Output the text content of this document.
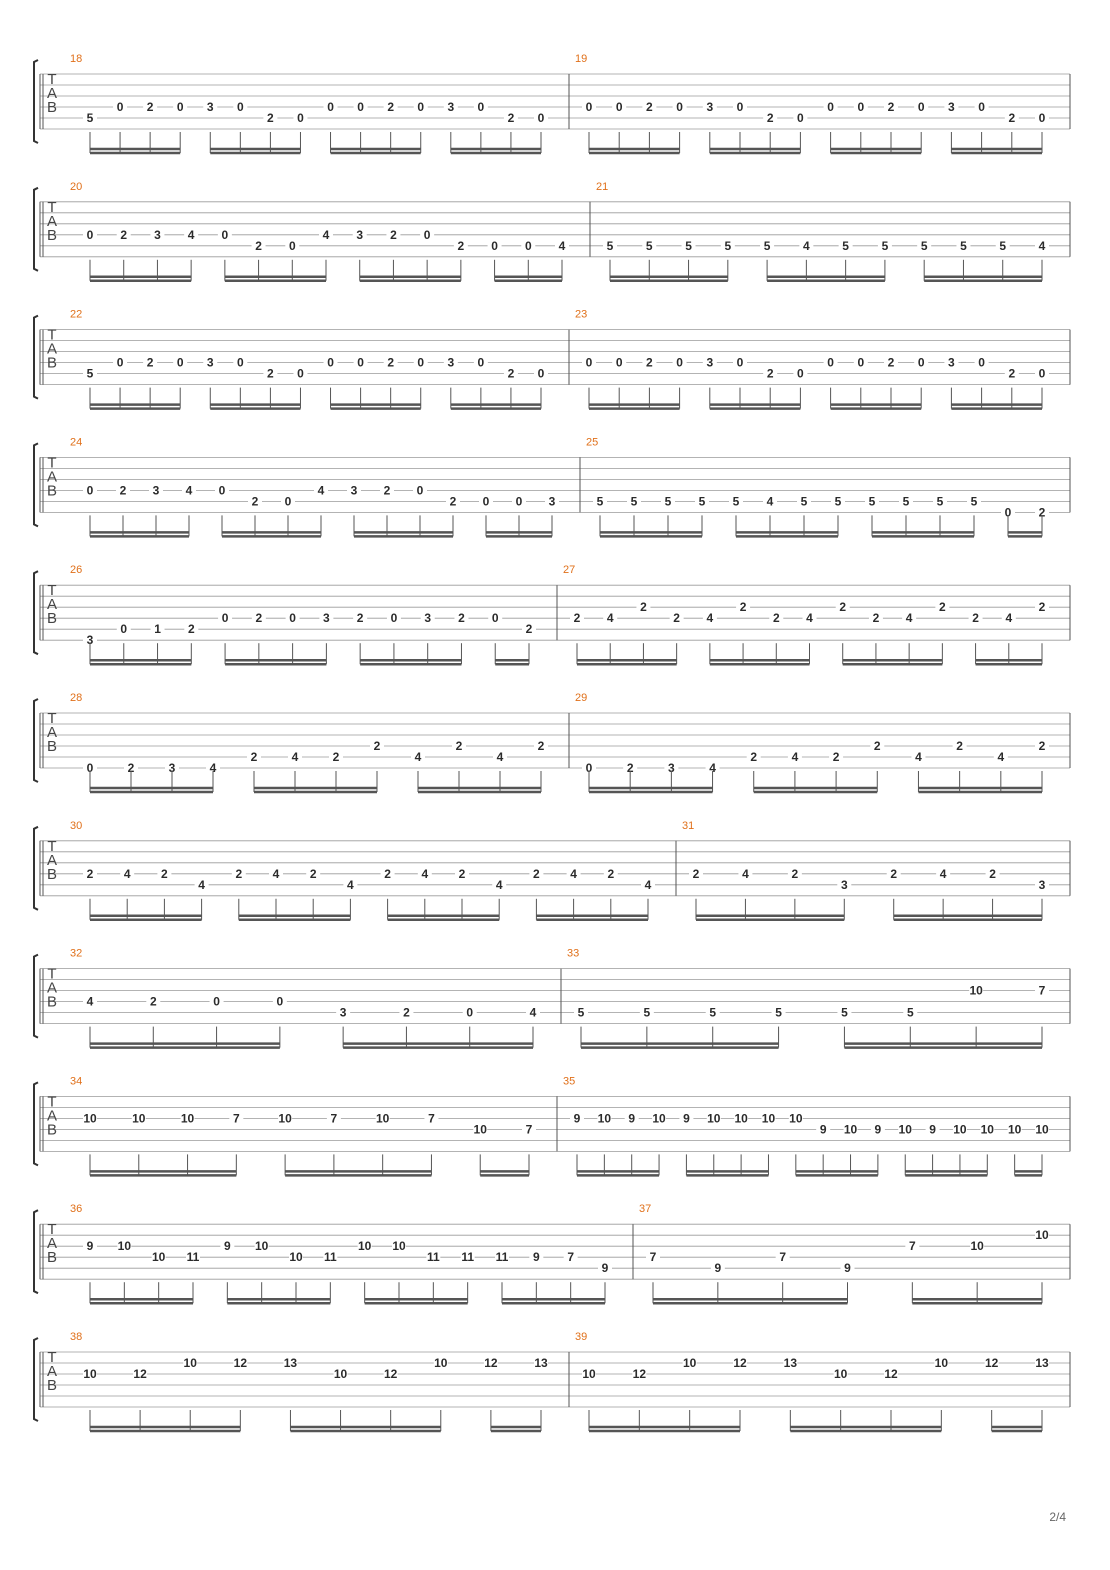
T
A
B
18
5
0 2 0 3 0
2 0
0 0 2 0 3 0
2 0
19
0 0 2 0 3 0
2 0
0 0 2 0 3 0
2 0
T
A
B
20
0 2 3 4 0
2 0
4 3 2 0
2 0 0 4
21
5	5	5	5	5	4	5	5	5	5	5	4
T
A
B
22
5
0 2 0 3 0
2 0
0 0 2 0 3 0
2 0
23
0 0 2 0 3 0
2 0
0 0 2 0 3 0
2 0
T
A
B
24
0 2 3 4 0
2 0
4 3 2 0
2 0 0 3
25
5 5 5 5 5 4 5 5 5 5 5 5
0 2
T
A
B
26
3
0 1 2
0 2 0 3 2 0 3 2 0
2
27
2 4
2
2 4
2
2 4
2
2 4
2
2 4
2
T
A
B
28
0	2	3	4
2	4	2
2
4
2
4
2
29
0	2	3	4
2	4	2
2
4
2
4
2
T
A
B
30
2	4	2
4
2	4	2
4
2	4	2
4
2	4	2
4
31
2	4	2
3
2	4	2
3
T
A
B
32
4	2	0	0
3	2	0	4
33
5	5	5	5	5	5
10	7
T
A
B
34
10	10	10	7	10	7	10	7
10	7
35
9 10 9 10 9 10 10 10 10
9 10 9 10 9 10 10 10 10
T
A
B
36
9 10
10 11
9 10
10 11
10 10
11 11 11 9 7
9
37
7
9
7
9
7	10
10
T
A
B
38
10	12
10	12	13
10	12
10	12	13
39
10	12
10	12	13
10	12
10	12	13
2/4
